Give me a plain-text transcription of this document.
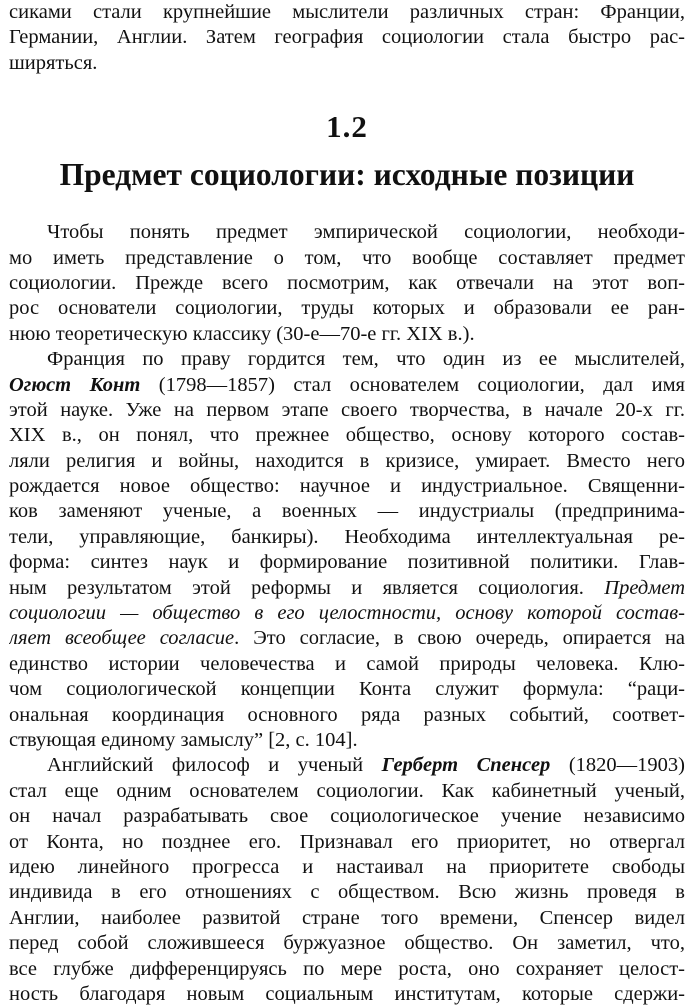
сиками стали крупнейшие мыслители различных стран: Франции,
Германии, Англии. Затем география социологии стала быстро рас-
ширяться.
1.2
Предмет социологии: исходные позиции
Чтобы понять предмет эмпирической социологии, необходи-
мо иметь представление о том, что вообще составляет предмет
социологии. Прежде всего посмотрим, как отвечали на этот воп-
рос основатели социологии, труды которых и образовали ее ран-
нюю теоретическую классику (30-е—70-е гг. XIX в.).
Франция по праву гордится тем, что один из ее мыслителей,
Огюст Конт (1798—1857) стал основателем социологии, дал имя
этой науке. Уже на первом этапе своего творчества, в начале 20-х гг.
XIX в., он понял, что прежнее общество, основу которого состав-
ляли религия и войны, находится в кризисе, умирает. Вместо него
рождается новое общество: научное и индустриальное. Священни-
ков заменяют ученые, а военных — индустриалы (предпринима-
тели, управляющие, банкиры). Необходима интеллектуальная ре-
форма: синтез наук и формирование позитивной политики. Глав-
ным результатом этой реформы и является социология. Предмет
социологии — общество в его целостности, основу которой состав-
ляет всеобщее согласие. Это согласие, в свою очередь, опирается на
единство истории человечества и самой природы человека. Клю-
чом социологической концепции Конта служит формула: “раци-
ональная координация основного ряда разных событий, соответ-
ствующая единому замыслу” [2, с. 104].
Английский философ и ученый Герберт Спенсер (1820—1903)
стал еще одним основателем социологии. Как кабинетный ученый,
он начал разрабатывать свое социологическое учение независимо
от Конта, но позднее его. Признавал его приоритет, но отвергал
идею линейного прогресса и настаивал на приоритете свободы
индивида в его отношениях с обществом. Всю жизнь проведя в
Англии, наиболее развитой стране того времени, Спенсер видел
перед собой сложившееся буржуазное общество. Он заметил, что,
все глубже дифференцируясь по мере роста, оно сохраняет целост-
ность благодаря новым социальным институтам, которые сдержи-
